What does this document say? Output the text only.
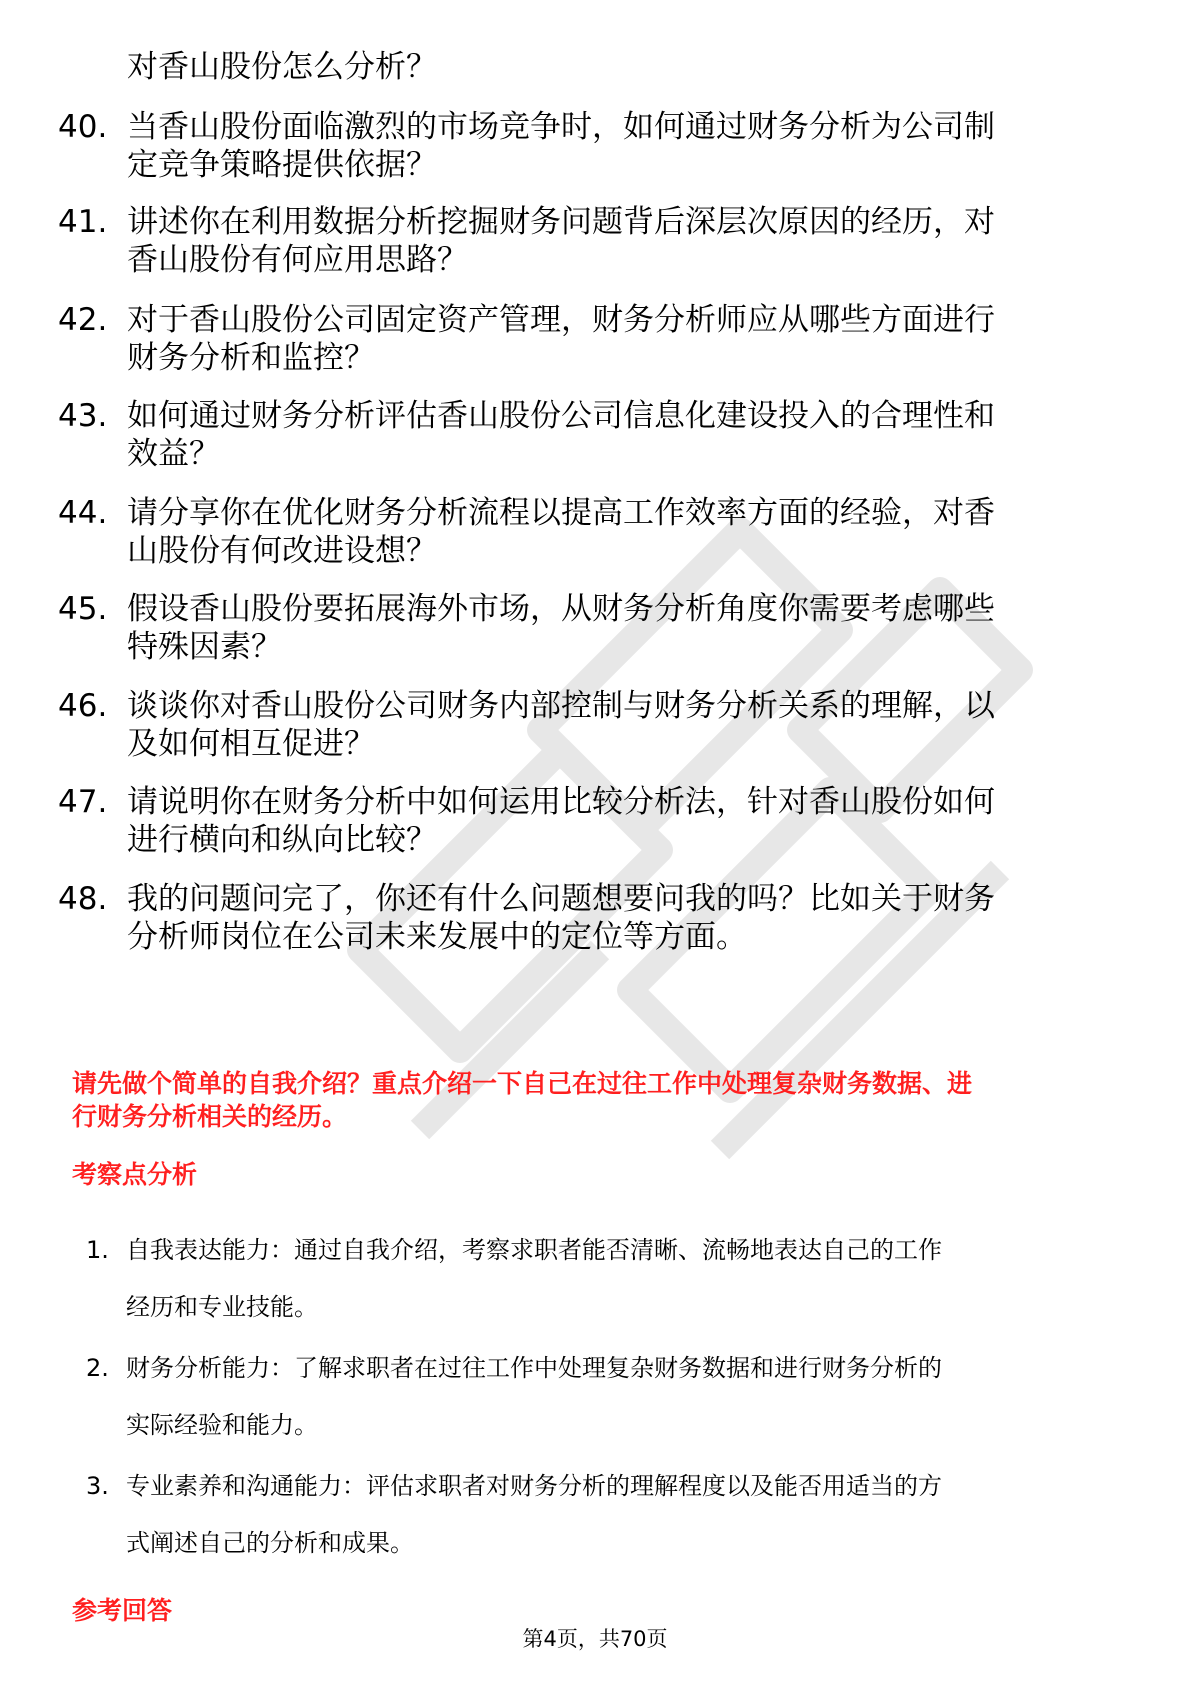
对香山股份怎么分析？
40. 当香山股份面临激烈的市场竞争时，如何通过财务分析为公司制
定竞争策略提供依据？
41. 讲述你在利用数据分析挖掘财务问题背后深层次原因的经历，对
香山股份有何应用思路？
42. 对于香山股份公司固定资产管理，财务分析师应从哪些方面进行
财务分析和监控？
43. 如何通过财务分析评估香山股份公司信息化建设投入的合理性和
效益？
44. 请分享你在优化财务分析流程以提高工作效率方面的经验，对香
山股份有何改进设想？
45. 假设香山股份要拓展海外市场，从财务分析角度你需要考虑哪些
特殊因素？
46. 谈谈你对香山股份公司财务内部控制与财务分析关系的理解，以
及如何相互促进？
47. 请说明你在财务分析中如何运用比较分析法，针对香山股份如何
进行横向和纵向比较？
48. 我的问题问完了，你还有什么问题想要问我的吗？比如关于财务
分析师岗位在公司未来发展中的定位等方面。
请先做个简单的自我介绍？重点介绍一下自己在过往工作中处理复杂财务数据、进
行财务分析相关的经历。
考察点分析
1. 自我表达能力：通过自我介绍，考察求职者能否清晰、流畅地表达自己的工作
经历和专业技能。
2. 财务分析能力：了解求职者在过往工作中处理复杂财务数据和进行财务分析的
实际经验和能力。
3. 专业素养和沟通能力：评估求职者对财务分析的理解程度以及能否用适当的方
式阐述自己的分析和成果。
参考回答
第4页，共70页
